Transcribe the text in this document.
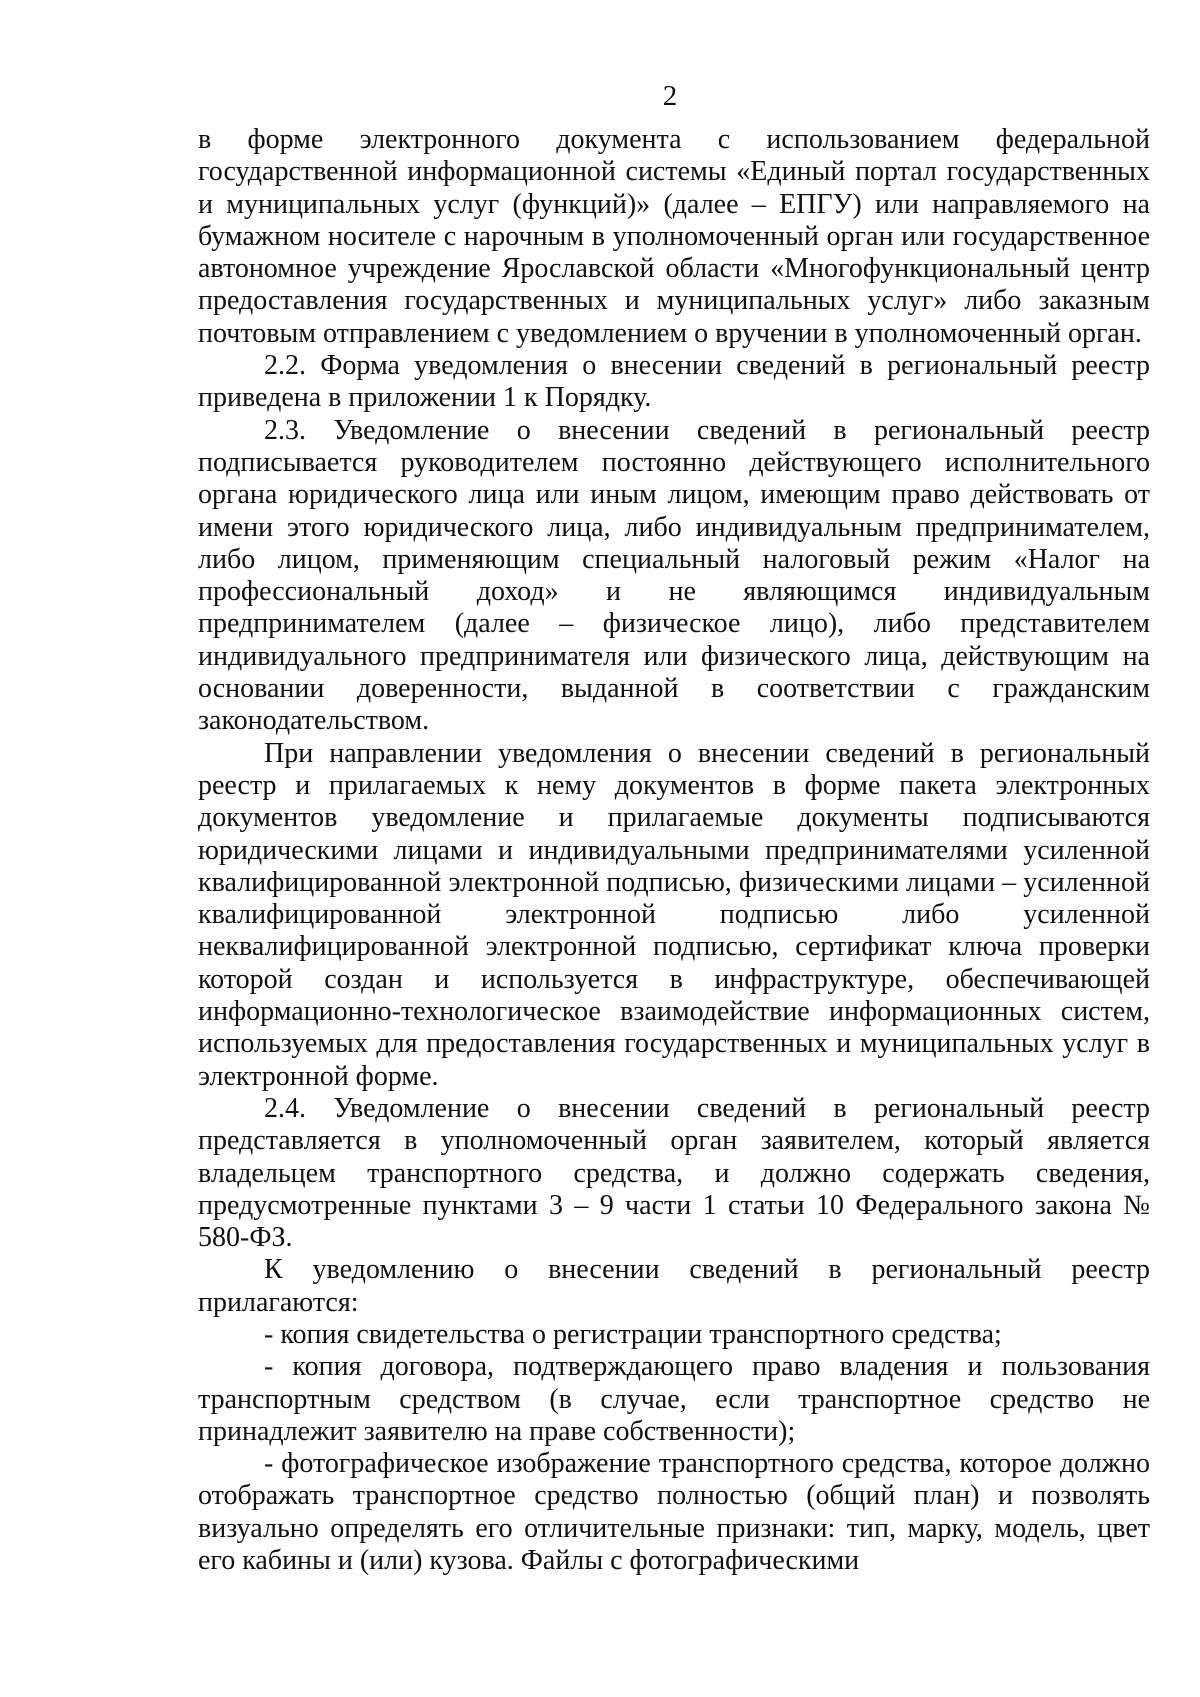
2

в форме электронного документа с использованием федеральной государственной информационной системы «Единый портал государственных и муниципальных услуг (функций)» (далее – ЕПГУ) или направляемого на бумажном носителе с нарочным в уполномоченный орган или государственное автономное учреждение Ярославской области «Многофункциональный центр предоставления государственных и муниципальных услуг» либо заказным почтовым отправлением с уведомлением о вручении в уполномоченный орган.

2.2. Форма уведомления о внесении сведений в региональный реестр приведена в приложении 1 к Порядку.

2.3. Уведомление о внесении сведений в региональный реестр подписывается руководителем постоянно действующего исполнительного органа юридического лица или иным лицом, имеющим право действовать от имени этого юридического лица, либо индивидуальным предпринимателем, либо лицом, применяющим специальный налоговый режим «Налог на профессиональный доход» и не являющимся индивидуальным предпринимателем (далее – физическое лицо), либо представителем индивидуального предпринимателя или физического лица, действующим на основании доверенности, выданной в соответствии с гражданским законодательством.

При направлении уведомления о внесении сведений в региональный реестр и прилагаемых к нему документов в форме пакета электронных документов уведомление и прилагаемые документы подписываются юридическими лицами и индивидуальными предпринимателями усиленной квалифицированной электронной подписью, физическими лицами – усиленной квалифицированной электронной подписью либо усиленной неквалифицированной электронной подписью, сертификат ключа проверки которой создан и используется в инфраструктуре, обеспечивающей информационно-технологическое взаимодействие информационных систем, используемых для предоставления государственных и муниципальных услуг в электронной форме.

2.4. Уведомление о внесении сведений в региональный реестр представляется в уполномоченный орган заявителем, который является владельцем транспортного средства, и должно содержать сведения, предусмотренные пунктами 3 – 9 части 1 статьи 10 Федерального закона № 580-ФЗ.

К уведомлению о внесении сведений в региональный реестр прилагаются:

- копия свидетельства о регистрации транспортного средства;

- копия договора, подтверждающего право владения и пользования транспортным средством (в случае, если транспортное средство не принадлежит заявителю на праве собственности);

- фотографическое изображение транспортного средства, которое должно отображать транспортное средство полностью (общий план) и позволять визуально определять его отличительные признаки: тип, марку, модель, цвет его кабины и (или) кузова. Файлы с фотографическими
